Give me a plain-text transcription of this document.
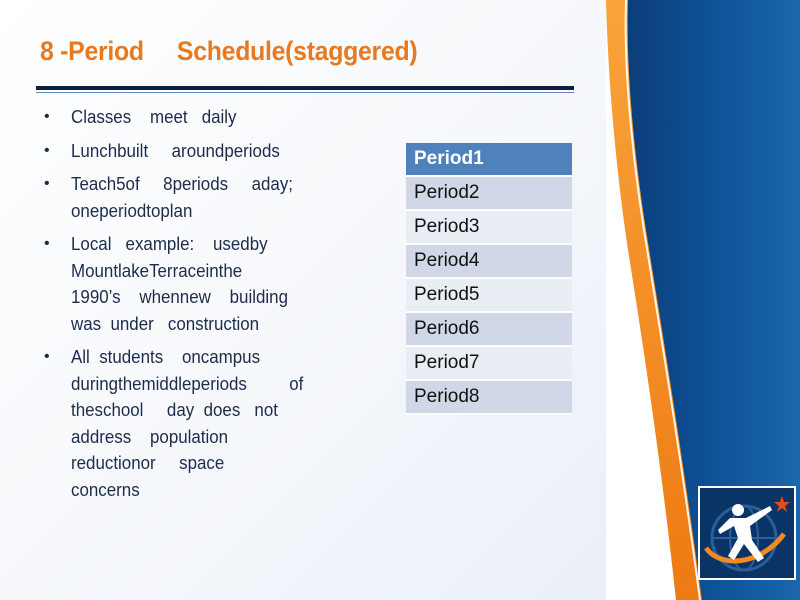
8 -Period     Schedule(staggered)
• Classes    meet   daily
• Lunchbuilt     aroundperiods
• Teach5of     8periods     aday;
oneperiodtoplan
• Local   example:    usedby
MountlakeTerraceinthe
1990’s    whennew    building
was  under   construction
• All  students    oncampus
duringthemiddleperiods         of
theschool     day  does   not
address    population
reductionor     space
concerns
Period1
Period2
Period3
Period4
Period5
Period6
Period7
Period8
